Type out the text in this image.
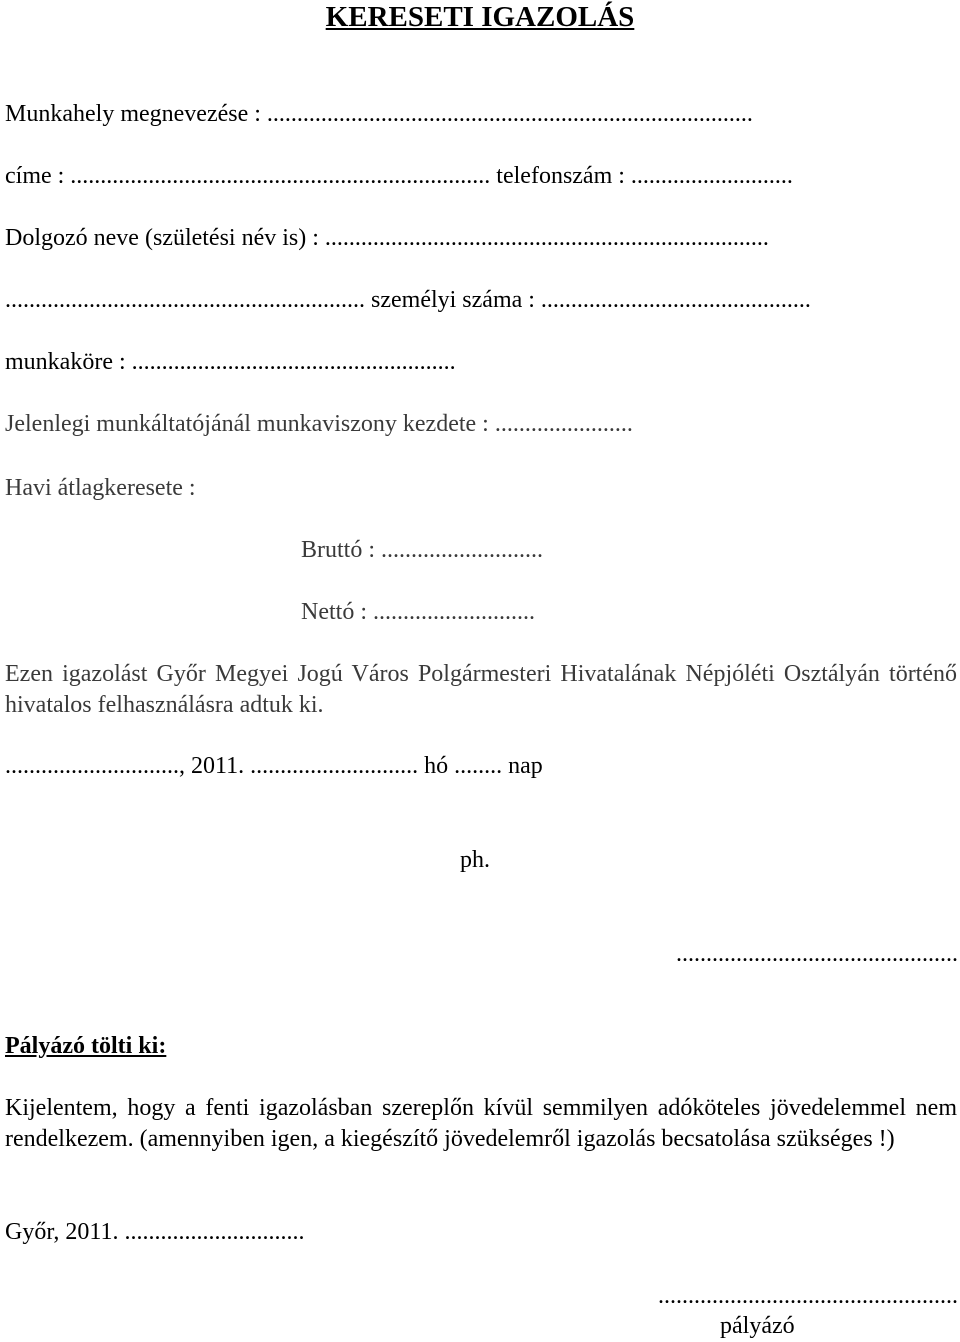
KERESETI IGAZOLÁS
Munkahely megnevezése : .................................................................................
címe : ...................................................................... telefonszám : ...........................
Dolgozó neve (születési név is) : ..........................................................................
............................................................ személyi száma : .............................................
munkaköre : ......................................................
Jelenlegi munkáltatójánál munkaviszony kezdete : .......................
Havi átlagkeresete :
Bruttó : ...........................
Nettó : ...........................
Ezen igazolást Győr Megyei Jogú Város Polgármesteri Hivatalának Népjóléti Osztályán történő hivatalos felhasználásra adtuk ki.
............................., 2011. ............................ hó ........ nap
ph.
...............................................
Pályázó tölti ki:
Kijelentem, hogy a fenti igazolásban szereplőn kívül semmilyen adóköteles jövedelemmel nem rendelkezem. (amennyiben igen, a kiegészítő jövedelemről igazolás becsatolása szükséges !)
Győr, 2011. ..............................
..................................................
pályázó
